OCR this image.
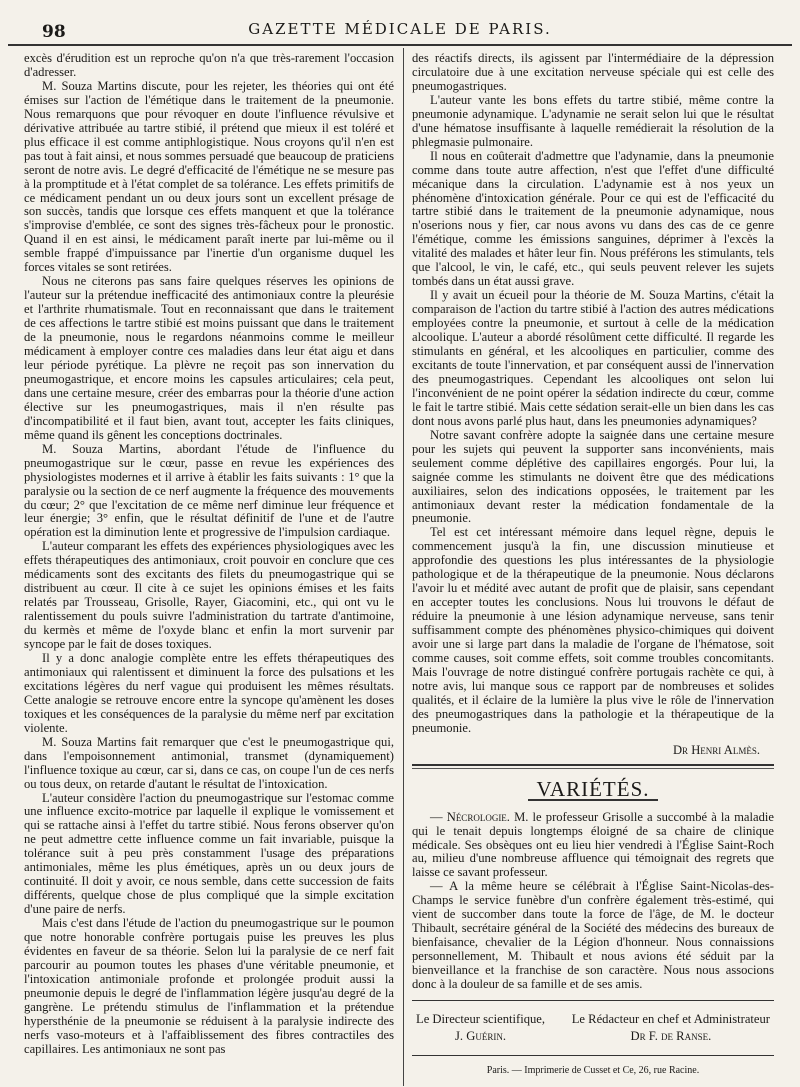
98	GAZETTE MÉDICALE DE PARIS.

excès d'érudition est un reproche qu'on n'a que très-rarement l'occasion d'adresser.

M. Souza Martins discute, pour les rejeter, les théories qui ont été émises sur l'action de l'émétique dans le traitement de la pneumonie. Nous remarquons que pour révoquer en doute l'influence révulsive et dérivative attribuée au tartre stibié, il prétend que mieux il est toléré et plus efficace il est comme antiphlogistique. Nous croyons qu'il n'en est pas tout à fait ainsi, et nous sommes persuadé que beaucoup de praticiens seront de notre avis. Le degré d'efficacité de l'émétique ne se mesure pas à la promptitude et à l'état complet de sa tolérance. Les effets primitifs de ce médicament pendant un ou deux jours sont un excellent présage de son succès, tandis que lorsque ces effets manquent et que la tolérance s'improvise d'emblée, ce sont des signes très-fâcheux pour le pronostic. Quand il en est ainsi, le médicament paraît inerte par lui-même ou il semble frappé d'impuissance par l'inertie d'un organisme duquel les forces vitales se sont retirées.

Nous ne citerons pas sans faire quelques réserves les opinions de l'auteur sur la prétendue inefficacité des antimoniaux contre la pleurésie et l'arthrite rhumatismale. Tout en reconnaissant que dans le traitement de ces affections le tartre stibié est moins puissant que dans le traitement de la pneumonie, nous le regardons néanmoins comme le meilleur médicament à employer contre ces maladies dans leur état aigu et dans leur période pyrétique. La plèvre ne reçoit pas son innervation du pneumogastrique, et encore moins les capsules articulaires; cela peut, dans une certaine mesure, créer des embarras pour la théorie d'une action élective sur les pneumogastriques, mais il n'en résulte pas d'incompatibilité et il faut bien, avant tout, accepter les faits cliniques, même quand ils gênent les conceptions doctrinales.

M. Souza Martins, abordant l'étude de l'influence du pneumogastrique sur le cœur, passe en revue les expériences des physiologistes modernes et il arrive à établir les faits suivants : 1° que la paralysie ou la section de ce nerf augmente la fréquence des mouvements du cœur; 2° que l'excitation de ce même nerf diminue leur fréquence et leur énergie; 3° enfin, que le résultat définitif de l'une et de l'autre opération est la diminution lente et progressive de l'impulsion cardiaque.

L'auteur comparant les effets des expériences physiologiques avec les effets thérapeutiques des antimoniaux, croit pouvoir en conclure que ces médicaments sont des excitants des filets du pneumogastrique qui se distribuent au cœur. Il cite à ce sujet les opinions émises et les faits relatés par Trousseau, Grisolle, Rayer, Giacomini, etc., qui ont vu le ralentissement du pouls suivre l'administration du tartrate d'antimoine, du kermès et même de l'oxyde blanc et enfin la mort survenir par syncope par le fait de doses toxiques.

Il y a donc analogie complète entre les effets thérapeutiques des antimoniaux qui ralentissent et diminuent la force des pulsations et les excitations légères du nerf vague qui produisent les mêmes résultats. Cette analogie se retrouve encore entre la syncope qu'amènent les doses toxiques et les conséquences de la paralysie du même nerf par excitation violente.

M. Souza Martins fait remarquer que c'est le pneumogastrique qui, dans l'empoisonnement antimonial, transmet (dynamiquement) l'influence toxique au cœur, car si, dans ce cas, on coupe l'un de ces nerfs ou tous deux, on retarde d'autant le résultat de l'intoxication.

L'auteur considère l'action du pneumogastrique sur l'estomac comme une influence excito-motrice par laquelle il explique le vomissement et qui se rattache ainsi à l'effet du tartre stibié. Nous ferons observer qu'on ne peut admettre cette influence comme un fait invariable, puisque la tolérance suit à peu près constamment l'usage des préparations antimoniales, même les plus émétiques, après un ou deux jours de continuité. Il doit y avoir, ce nous semble, dans cette succession de faits différents, quelque chose de plus compliqué que la simple excitation d'une paire de nerfs.

Mais c'est dans l'étude de l'action du pneumogastrique sur le poumon que notre honorable confrère portugais puise les preuves les plus évidentes en faveur de sa théorie. Selon lui la paralysie de ce nerf fait parcourir au poumon toutes les phases d'une véritable pneumonie, et l'intoxication antimoniale profonde et prolongée produit aussi la pneumonie depuis le degré de l'inflammation légère jusqu'au degré de la gangrène. Le prétendu stimulus de l'inflammation et la prétendue hypersthénie de la pneumonie se réduisent à la paralysie indirecte des nerfs vaso-moteurs et à l'affaiblissement des fibres contractiles des capillaires. Les antimoniaux ne sont pas

des réactifs directs, ils agissent par l'intermédiaire de la dépression circulatoire due à une excitation nerveuse spéciale qui est celle des pneumogastriques.

L'auteur vante les bons effets du tartre stibié, même contre la pneumonie adynamique. L'adynamie ne serait selon lui que le résultat d'une hématose insuffisante à laquelle remédierait la résolution de la phlegmasie pulmonaire.

Il nous en coûterait d'admettre que l'adynamie, dans la pneumonie comme dans toute autre affection, n'est que l'effet d'une difficulté mécanique dans la circulation. L'adynamie est à nos yeux un phénomène d'intoxication générale. Pour ce qui est de l'efficacité du tartre stibié dans le traitement de la pneumonie adynamique, nous n'oserions nous y fier, car nous avons vu dans des cas de ce genre l'émétique, comme les émissions sanguines, déprimer à l'excès la vitalité des malades et hâter leur fin. Nous préférons les stimulants, tels que l'alcool, le vin, le café, etc., qui seuls peuvent relever les sujets tombés dans un état aussi grave.

Il y avait un écueil pour la théorie de M. Souza Martins, c'était la comparaison de l'action du tartre stibié à l'action des autres médications employées contre la pneumonie, et surtout à celle de la médication alcoolique. L'auteur a abordé résolûment cette difficulté. Il regarde les stimulants en général, et les alcooliques en particulier, comme des excitants de toute l'innervation, et par conséquent aussi de l'innervation des pneumogastriques. Cependant les alcooliques ont selon lui l'inconvénient de ne point opérer la sédation indirecte du cœur, comme le fait le tartre stibié. Mais cette sédation serait-elle un bien dans les cas dont nous avons parlé plus haut, dans les pneumonies adynamiques?

Notre savant confrère adopte la saignée dans une certaine mesure pour les sujets qui peuvent la supporter sans inconvénients, mais seulement comme déplétive des capillaires engorgés. Pour lui, la saignée comme les stimulants ne doivent être que des médications auxiliaires, selon des indications opposées, le traitement par les antimoniaux devant rester la médication fondamentale de la pneumonie.

Tel est cet intéressant mémoire dans lequel règne, depuis le commencement jusqu'à la fin, une discussion minutieuse et approfondie des questions les plus intéressantes de la physiologie pathologique et de la thérapeutique de la pneumonie. Nous déclarons l'avoir lu et médité avec autant de profit que de plaisir, sans cependant en accepter toutes les conclusions. Nous lui trouvons le défaut de réduire la pneumonie à une lésion adynamique nerveuse, sans tenir suffisamment compte des phénomènes physico-chimiques qui doivent avoir une si large part dans la maladie de l'organe de l'hématose, soit comme causes, soit comme effets, soit comme troubles concomitants. Mais l'ouvrage de notre distingué confrère portugais rachète ce qui, à notre avis, lui manque sous ce rapport par de nombreuses et solides qualités, et il éclaire de la lumière la plus vive le rôle de l'innervation des pneumogastriques dans la pathologie et la thérapeutique de la pneumonie.

Dr Henri Almès.
VARIÉTÉS.

— Nécrologie. M. le professeur Grisolle a succombé à la maladie qui le tenait depuis longtemps éloigné de sa chaire de clinique médicale. Ses obsèques ont eu lieu hier vendredi à l'Église Saint-Roch au, milieu d'une nombreuse affluence qui témoignait des regrets que laisse ce savant professeur.

— A la même heure se célébrait à l'Église Saint-Nicolas-des-Champs le service funèbre d'un confrère également très-estimé, qui vient de succomber dans toute la force de l'âge, de M. le docteur Thibault, secrétaire général de la Société des médecins des bureaux de bienfaisance, chevalier de la Légion d'honneur. Nous connaissions personnellement, M. Thibault et nous avions été séduit par la bienveillance et la franchise de son caractère. Nous nous associons donc à la douleur de sa famille et de ses amis.

Le Directeur scientifique,
J. Guérin.
Le Rédacteur en chef et Administrateur
Dr F. de Ranse.
Paris. — Imprimerie de Cusset et Ce, 26, rue Racine.
